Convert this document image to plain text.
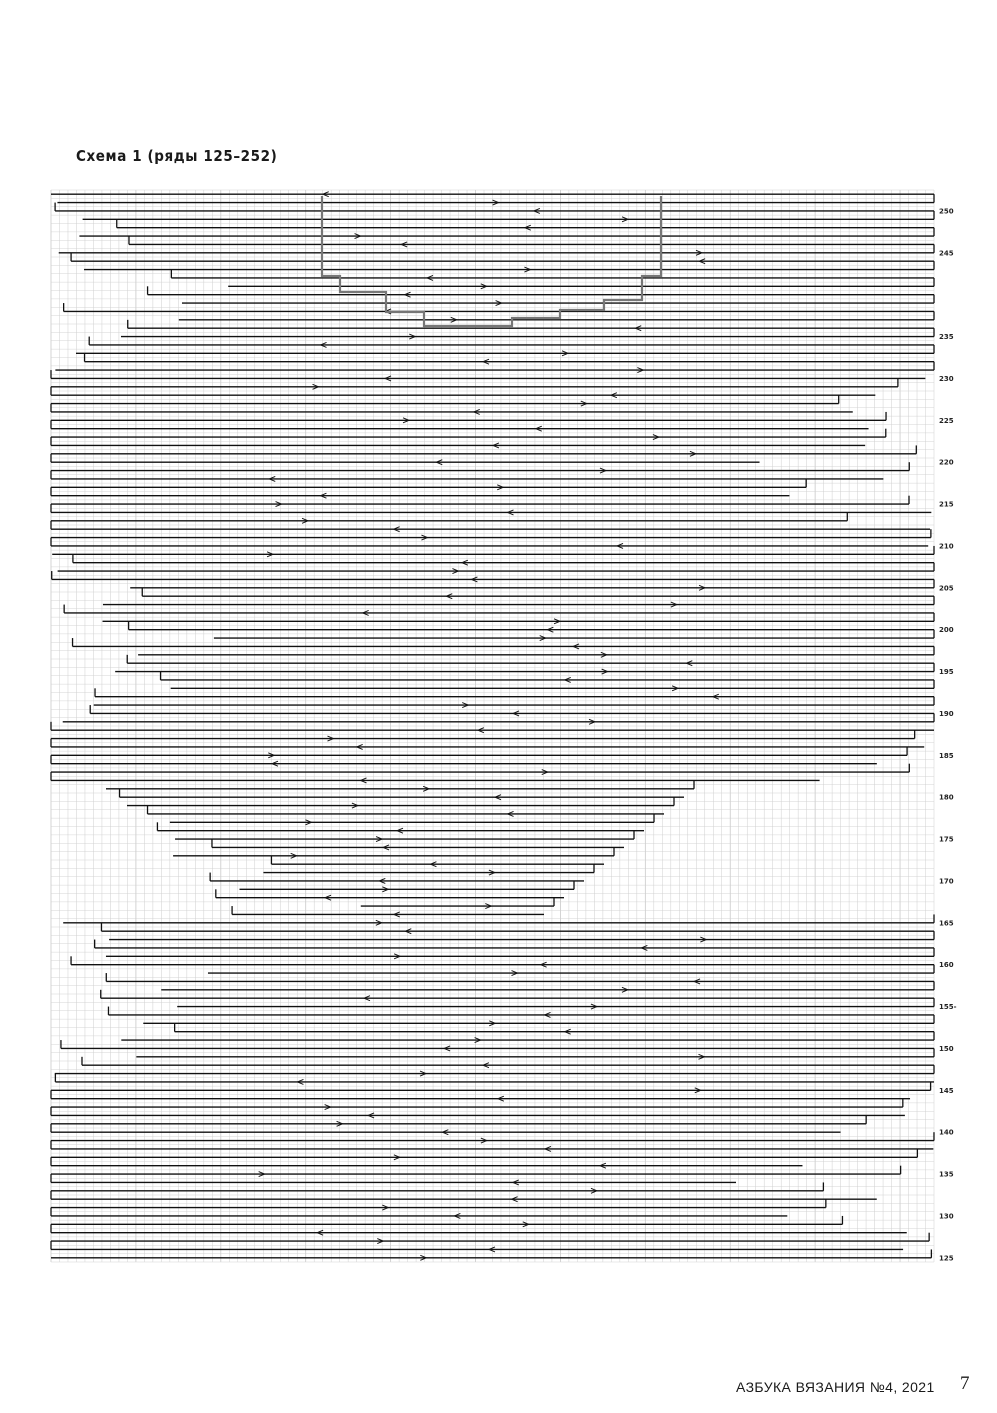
Схема 1 (ряды 125–252)
250
245
235
230
225
220
215
210
205
200
195
190
185
180
175
170
165
160
155-
150
145
140
135
130
125
АЗБУКА ВЯЗАНИЯ №4, 2021 7
